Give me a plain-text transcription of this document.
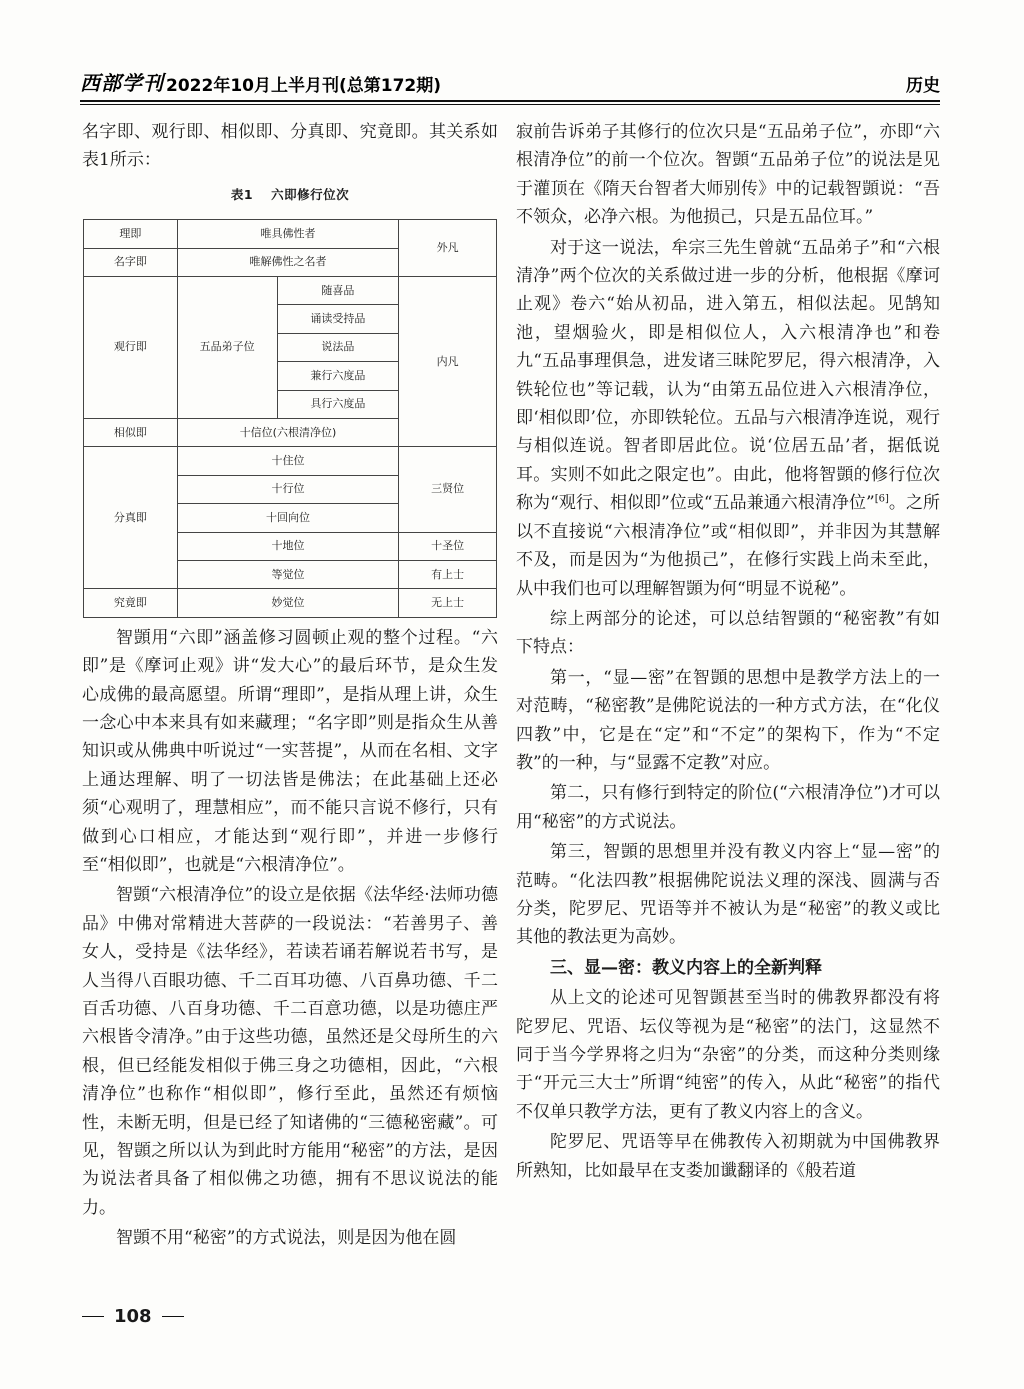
西部学刊 2022年10月上半月刊(总第172期)	历史

名字即、观行即、相似即、分真即、究竟即。其关系如表1所示：

表1 六即修行位次
理即	唯具佛性者		外凡
名字即	唯解佛性之名者		
观行即	五品弟子位	随喜品	内凡
		诵读受持品	
		说法品	
		兼行六度品	
		具行六度品	
相似即	十信位(六根清净位)		
分真即	十住位		三贤位
	十行位		
	十回向位		
	十地位		十圣位
	等觉位		有上士
究竟即	妙觉位		无上士

智顗用“六即”涵盖修习圆顿止观的整个过程。“六即”是《摩诃止观》讲“发大心”的最后环节，是众生发心成佛的最高愿望。所谓“理即”，是指从理上讲，众生一念心中本来具有如来藏理；“名字即”则是指众生从善知识或从佛典中听说过“一实菩提”，从而在名相、文字上通达理解、明了一切法皆是佛法；在此基础上还必须“心观明了，理慧相应”，而不能只言说不修行，只有做到心口相应，才能达到“观行即”，并进一步修行至“相似即”，也就是“六根清净位”。

智顗“六根清净位”的设立是依据《法华经·法师功德品》中佛对常精进大菩萨的一段说法：“若善男子、善女人，受持是《法华经》，若读若诵若解说若书写，是人当得八百眼功德、千二百耳功德、八百鼻功德、千二百舌功德、八百身功德、千二百意功德，以是功德庄严六根皆令清净。”由于这些功德，虽然还是父母所生的六根，但已经能发相似于佛三身之功德相，因此，“六根清净位”也称作“相似即”，修行至此，虽然还有烦恼性，未断无明，但是已经了知诸佛的“三德秘密藏”。可见，智顗之所以认为到此时方能用“秘密”的方法，是因为说法者具备了相似佛之功德，拥有不思议说法的能力。

智顗不用“秘密”的方式说法，则是因为他在圆

寂前告诉弟子其修行的位次只是“五品弟子位”，亦即“六根清净位”的前一个位次。智顗“五品弟子位”的说法是见于灌顶在《隋天台智者大师别传》中的记载智顗说：“吾不领众，必净六根。为他损己，只是五品位耳。”

对于这一说法，牟宗三先生曾就“五品弟子”和“六根清净”两个位次的关系做过进一步的分析，他根据《摩诃止观》卷六“始从初品，进入第五，相似法起。见鹄知池，望烟验火，即是相似位人，入六根清净也”和卷九“五品事理俱急，进发诸三昧陀罗尼，得六根清净，入铁轮位也”等记载，认为“由第五品位进入六根清净位，即‘相似即’位，亦即铁轮位。五品与六根清净连说，观行与相似连说。智者即居此位。说‘位居五品’者，据低说耳。实则不如此之限定也”。由此，他将智顗的修行位次称为“观行、相似即”位或“五品兼通六根清净位”[6]。之所以不直接说“六根清净位”或“相似即”，并非因为其慧解不及，而是因为“为他损己”，在修行实践上尚未至此，从中我们也可以理解智顗为何“明显不说秘”。

综上两部分的论述，可以总结智顗的“秘密教”有如下特点：

第一，“显—密”在智顗的思想中是教学方法上的一对范畴，“秘密教”是佛陀说法的一种方式方法，在“化仪四教”中，它是在“定”和“不定”的架构下，作为“不定教”的一种，与“显露不定教”对应。

第二，只有修行到特定的阶位(“六根清净位”)才可以用“秘密”的方式说法。

第三，智顗的思想里并没有教义内容上“显—密”的范畴。“化法四教”根据佛陀说法义理的深浅、圆满与否分类，陀罗尼、咒语等并不被认为是“秘密”的教义或比其他的教法更为高妙。

三、显—密：教义内容上的全新判释

从上文的论述可见智顗甚至当时的佛教界都没有将陀罗尼、咒语、坛仪等视为是“秘密”的法门，这显然不同于当今学界将之归为“杂密”的分类，而这种分类则缘于“开元三大士”所谓“纯密”的传入，从此“秘密”的指代不仅单只教学方法，更有了教义内容上的含义。

陀罗尼、咒语等早在佛教传入初期就为中国佛教界所熟知，比如最早在支娄加谶翻译的《般若道

108
